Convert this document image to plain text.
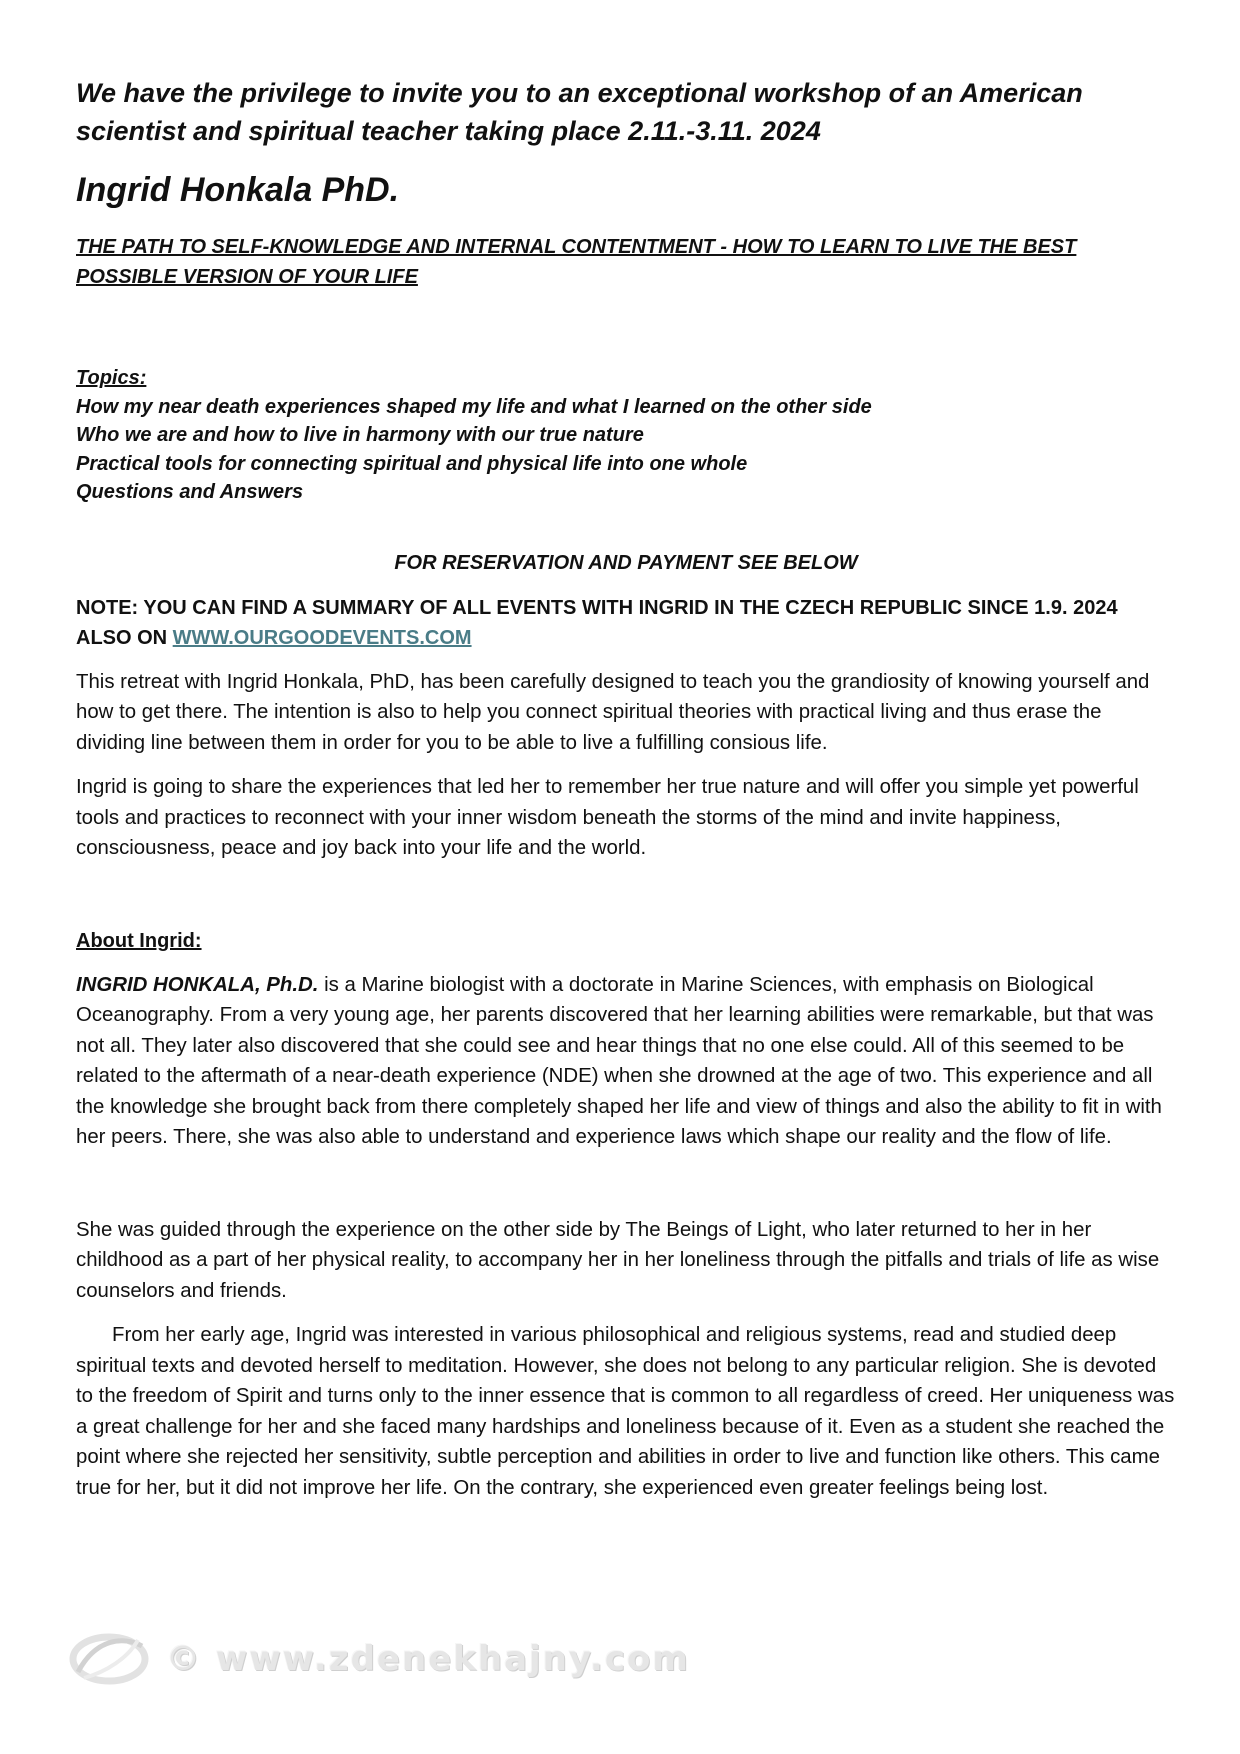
We have the privilege to invite you to an exceptional workshop of an American scientist and spiritual teacher taking place 2.11.-3.11. 2024

Ingrid Honkala PhD.

THE PATH TO SELF-KNOWLEDGE AND INTERNAL CONTENTMENT - HOW TO LEARN TO LIVE THE BEST POSSIBLE VERSION OF YOUR LIFE

Topics:
How my near death experiences shaped my life and what I learned on the other side
Who we are and how to live in harmony with our true nature
Practical tools for connecting spiritual and physical life into one whole
Questions and Answers
FOR RESERVATION AND PAYMENT SEE BELOW
NOTE: YOU CAN FIND A SUMMARY OF ALL EVENTS WITH INGRID IN THE CZECH REPUBLIC SINCE 1.9. 2024 ALSO ON WWW.OURGOODEVENTS.COM

This retreat with Ingrid Honkala, PhD, has been carefully designed to teach you the grandiosity of knowing yourself and how to get there. The intention is also to help you connect spiritual theories with practical living and thus erase the dividing line between them in order for you to be able to live a fulfilling consious life.

Ingrid is going to share the experiences that led her to remember her true nature and will offer you simple yet powerful tools and practices to reconnect with your inner wisdom beneath the storms of the mind and invite happiness, consciousness, peace and joy back into your life and the world.

About Ingrid:

INGRID HONKALA, Ph.D. is a Marine biologist with a doctorate in Marine Sciences, with emphasis on Biological Oceanography. From a very young age, her parents discovered that her learning abilities were remarkable, but that was not all. They later also discovered that she could see and hear things that no one else could. All of this seemed to be related to the aftermath of a near-death experience (NDE) when she drowned at the age of two. This experience and all the knowledge she brought back from there completely shaped her life and view of things and also the ability to fit in with her peers. There, she was also able to understand and experience laws which shape our reality and the flow of life.

She was guided through the experience on the other side by The Beings of Light, who later returned to her in her childhood as a part of her physical reality, to accompany her in her loneliness through the pitfalls and trials of life as wise counselors and friends.

From her early age, Ingrid was interested in various philosophical and religious systems, read and studied deep spiritual texts and devoted herself to meditation. However, she does not belong to any particular religion. She is devoted to the freedom of Spirit and turns only to the inner essence that is common to all regardless of creed. Her uniqueness was a great challenge for her and she faced many hardships and loneliness because of it. Even as a student she reached the point where she rejected her sensitivity, subtle perception and abilities in order to live and function like others. This came true for her, but it did not improve her life. On the contrary, she experienced even greater feelings being lost.

© www.zdenekhajny.com
